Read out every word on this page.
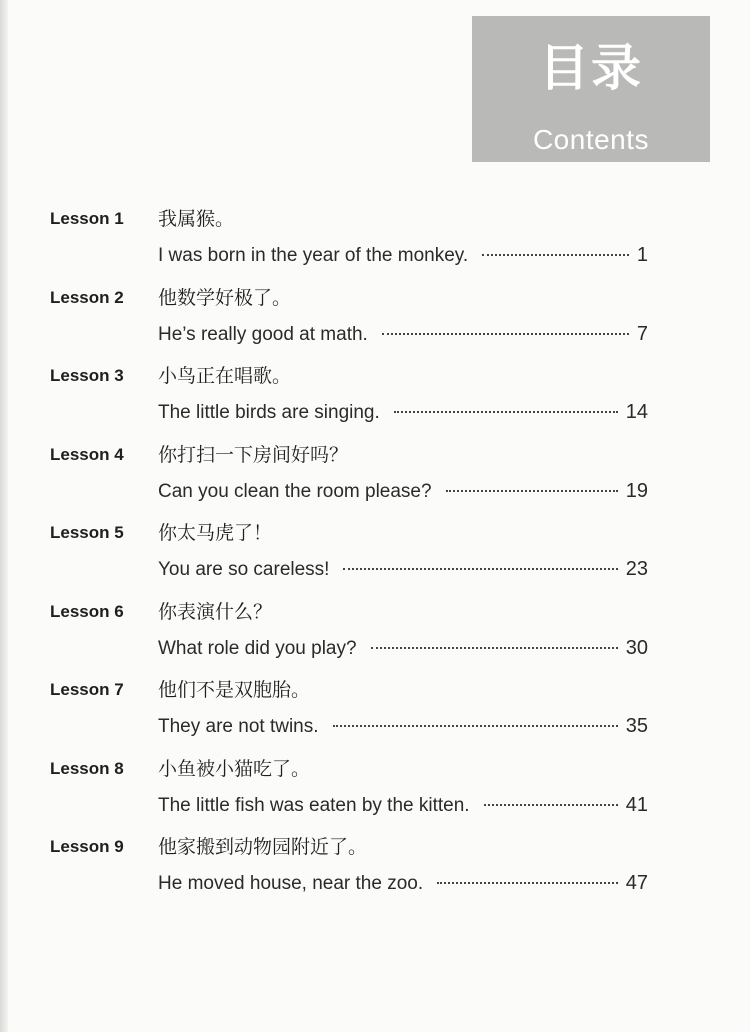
目录
Contents
Lesson 1	我属猴。
I was born in the year of the monkey.	1
Lesson 2	他数学好极了。
He’s really good at math.	7
Lesson 3	小鸟正在唱歌。
The little birds are singing.	14
Lesson 4	你打扫一下房间好吗？
Can you clean the room please?	19
Lesson 5	你太马虎了！
You are so careless!	23
Lesson 6	你表演什么？
What role did you play?	30
Lesson 7	他们不是双胞胎。
They are not twins.	35
Lesson 8	小鱼被小猫吃了。
The little fish was eaten by the kitten.	41
Lesson 9	他家搬到动物园附近了。
He moved house, near the zoo.	47
